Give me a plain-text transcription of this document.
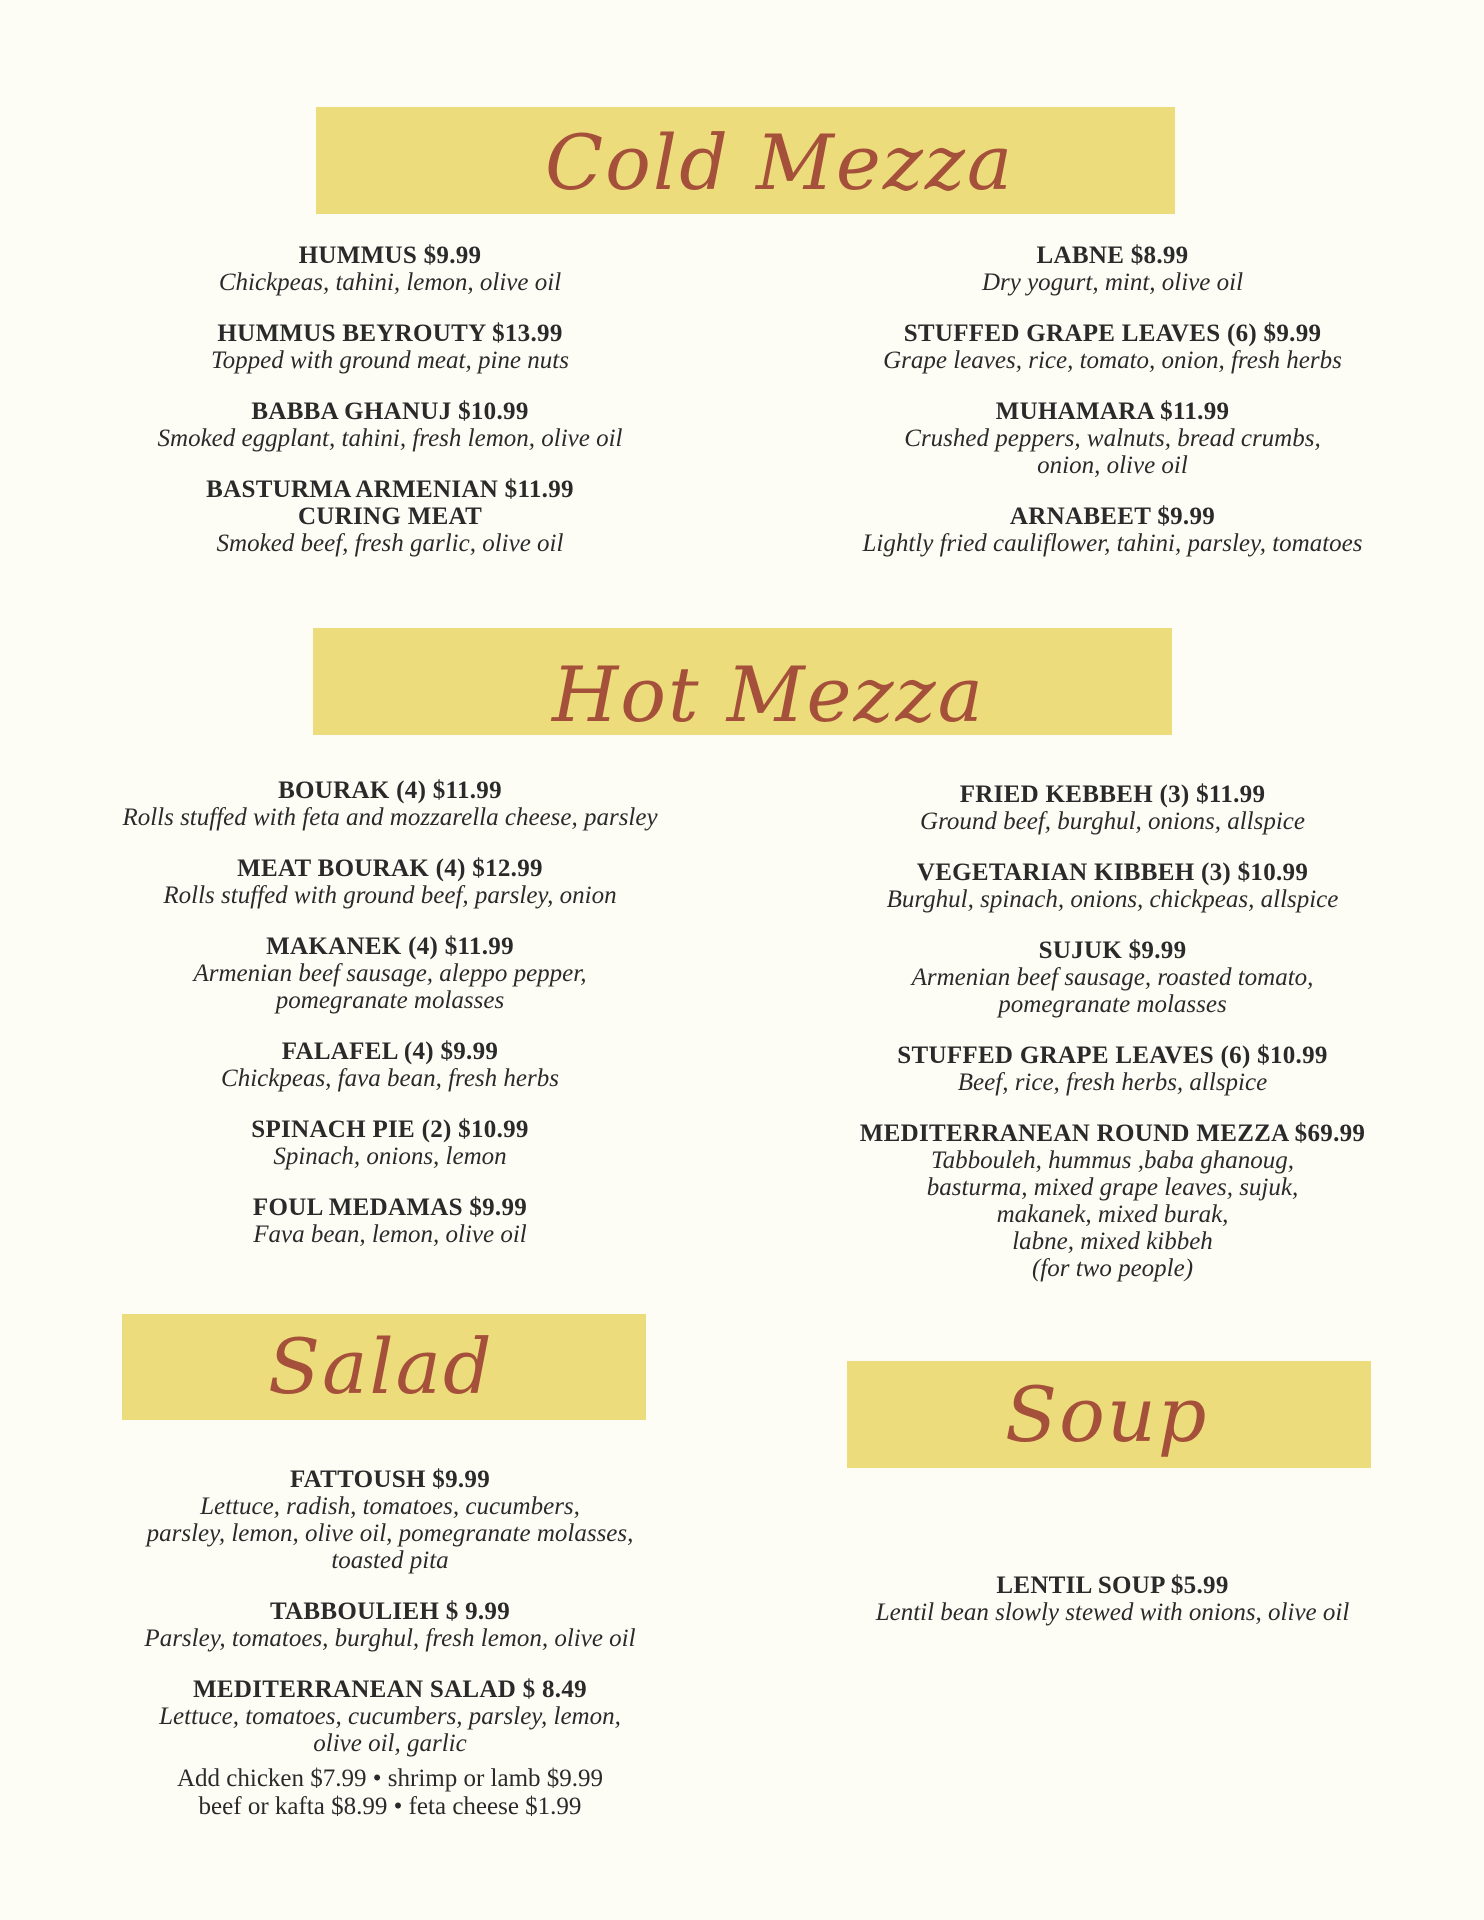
Cold Mezza
HUMMUS $9.99
Chickpeas, tahini, lemon, olive oil
HUMMUS BEYROUTY $13.99
Topped with ground meat, pine nuts
BABBA GHANUJ $10.99
Smoked eggplant, tahini, fresh lemon, olive oil
BASTURMA ARMENIAN $11.99
CURING MEAT
Smoked beef, fresh garlic, olive oil
LABNE $8.99
Dry yogurt, mint, olive oil
STUFFED GRAPE LEAVES (6) $9.99
Grape leaves, rice, tomato, onion, fresh herbs
MUHAMARA $11.99
Crushed peppers, walnuts, bread crumbs,
onion, olive oil
ARNABEET $9.99
Lightly fried cauliflower, tahini, parsley, tomatoes
Hot Mezza
BOURAK (4) $11.99
Rolls stuffed with feta and mozzarella cheese, parsley
MEAT BOURAK (4) $12.99
Rolls stuffed with ground beef, parsley, onion
MAKANEK (4) $11.99
Armenian beef sausage, aleppo pepper,
pomegranate molasses
FALAFEL (4) $9.99
Chickpeas, fava bean, fresh herbs
SPINACH PIE (2) $10.99
Spinach, onions, lemon
FOUL MEDAMAS $9.99
Fava bean, lemon, olive oil
FRIED KEBBEH (3) $11.99
Ground beef, burghul, onions, allspice
VEGETARIAN KIBBEH (3) $10.99
Burghul, spinach, onions, chickpeas, allspice
SUJUK $9.99
Armenian beef sausage, roasted tomato,
pomegranate molasses
STUFFED GRAPE LEAVES (6) $10.99
Beef, rice, fresh herbs, allspice
MEDITERRANEAN ROUND MEZZA $69.99
Tabbouleh, hummus ,baba ghanoug,
basturma, mixed grape leaves, sujuk,
makanek, mixed burak,
labne, mixed kibbeh
(for two people)
Salad
FATTOUSH $9.99
Lettuce, radish, tomatoes, cucumbers,
parsley, lemon, olive oil, pomegranate molasses,
toasted pita
TABBOULIEH $ 9.99
Parsley, tomatoes, burghul, fresh lemon, olive oil
MEDITERRANEAN SALAD $ 8.49
Lettuce, tomatoes, cucumbers, parsley, lemon,
olive oil, garlic
Add chicken $7.99 • shrimp or lamb $9.99
beef or kafta $8.99 • feta cheese $1.99
Soup
LENTIL SOUP $5.99
Lentil bean slowly stewed with onions, olive oil
